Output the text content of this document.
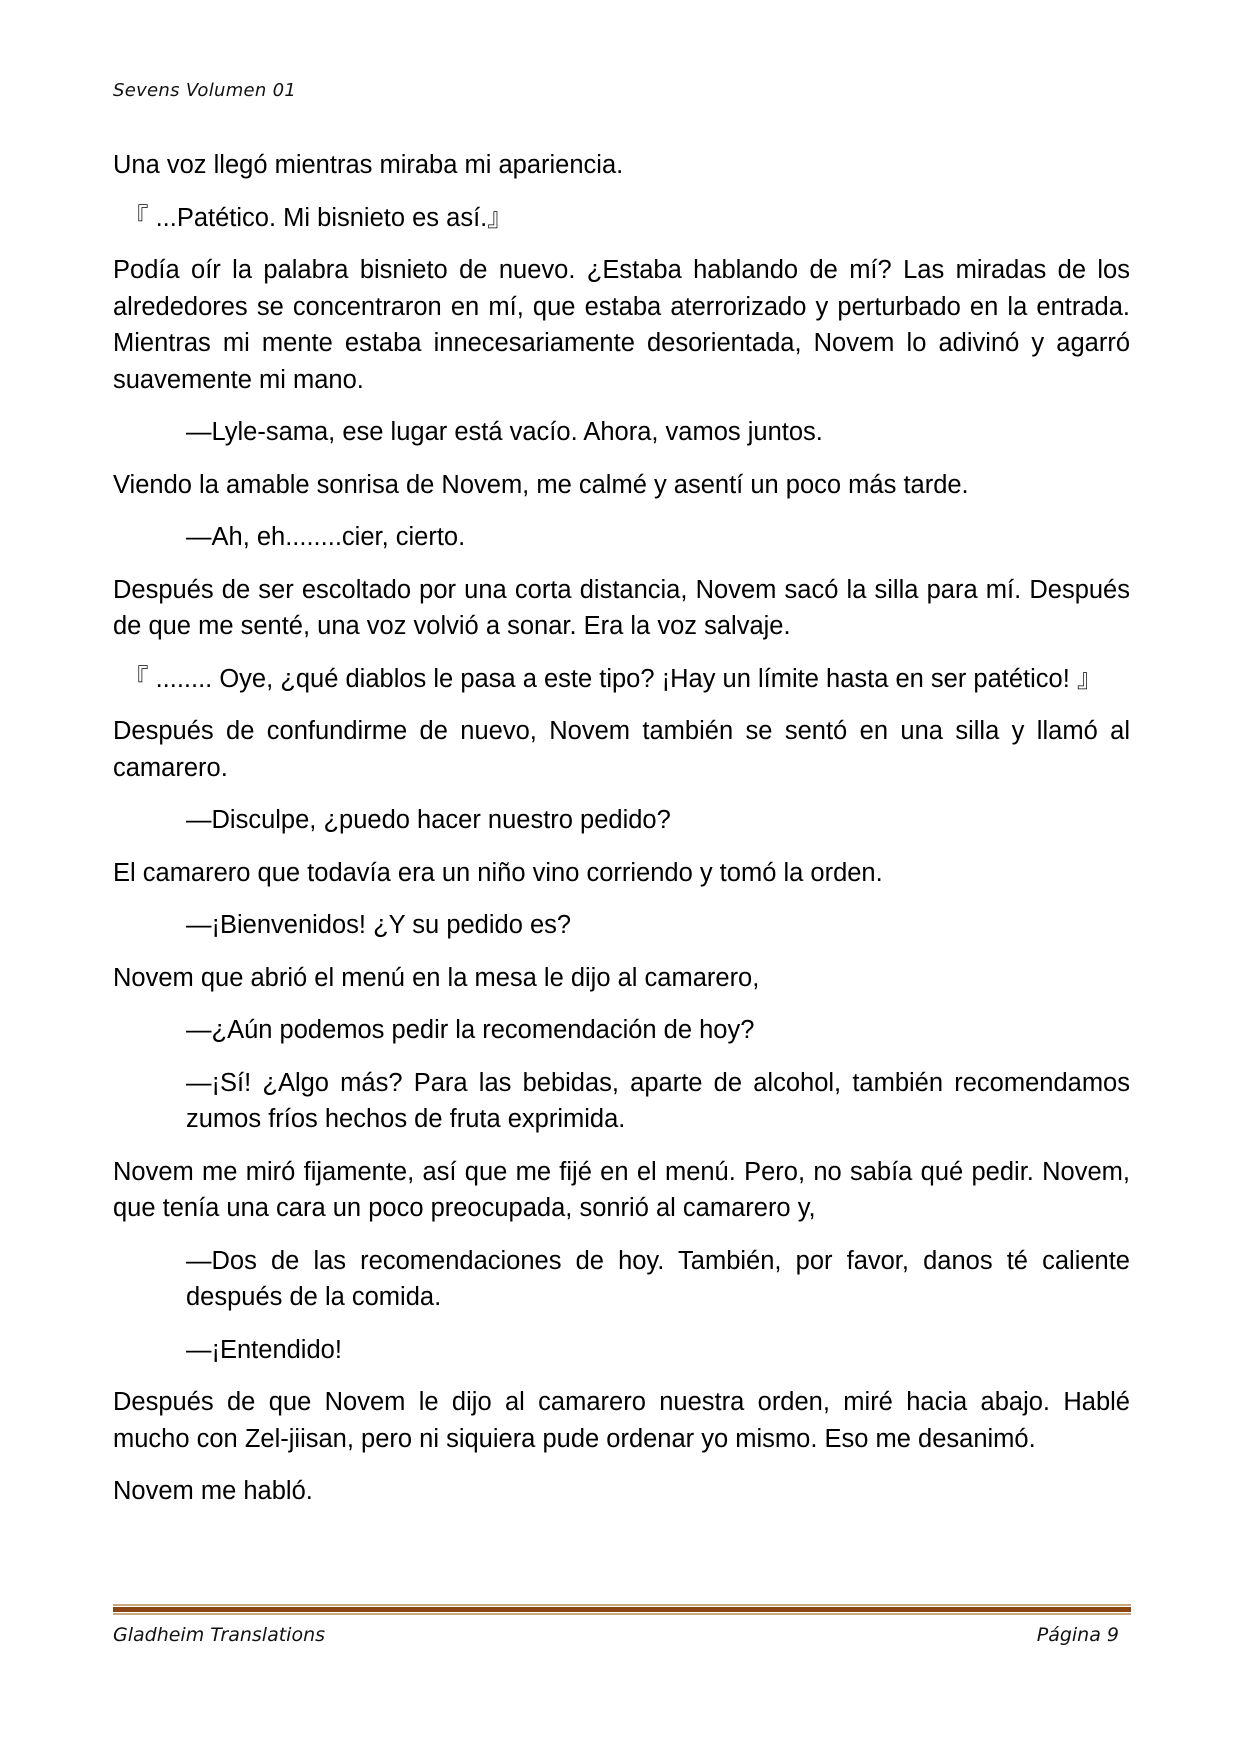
Sevens Volumen 01

Una voz llegó mientras miraba mi apariencia.

『 ...Patético. Mi bisnieto es así.』

Podía oír la palabra bisnieto de nuevo. ¿Estaba hablando de mí? Las miradas de los alrededores se concentraron en mí, que estaba aterrorizado y perturbado en la entrada. Mientras mi mente estaba innecesariamente desorientada, Novem lo adivinó y agarró suavemente mi mano.

—Lyle-sama, ese lugar está vacío. Ahora, vamos juntos.

Viendo la amable sonrisa de Novem, me calmé y asentí un poco más tarde.

—Ah, eh........cier, cierto.

Después de ser escoltado por una corta distancia, Novem sacó la silla para mí. Después de que me senté, una voz volvió a sonar. Era la voz salvaje.

『 ........ Oye, ¿qué diablos le pasa a este tipo? ¡Hay un límite hasta en ser patético! 』

Después de confundirme de nuevo, Novem también se sentó en una silla y llamó al camarero.

—Disculpe, ¿puedo hacer nuestro pedido?

El camarero que todavía era un niño vino corriendo y tomó la orden.

—¡Bienvenidos! ¿Y su pedido es?

Novem que abrió el menú en la mesa le dijo al camarero,

—¿Aún podemos pedir la recomendación de hoy?

—¡Sí! ¿Algo más? Para las bebidas, aparte de alcohol, también recomendamos zumos fríos hechos de fruta exprimida.

Novem me miró fijamente, así que me fijé en el menú. Pero, no sabía qué pedir. Novem, que tenía una cara un poco preocupada, sonrió al camarero y,

—Dos de las recomendaciones de hoy. También, por favor, danos té caliente después de la comida.

—¡Entendido!

Después de que Novem le dijo al camarero nuestra orden, miré hacia abajo. Hablé mucho con Zel-jiisan, pero ni siquiera pude ordenar yo mismo. Eso me desanimó.

Novem me habló.

Gladheim Translations	Página 9
